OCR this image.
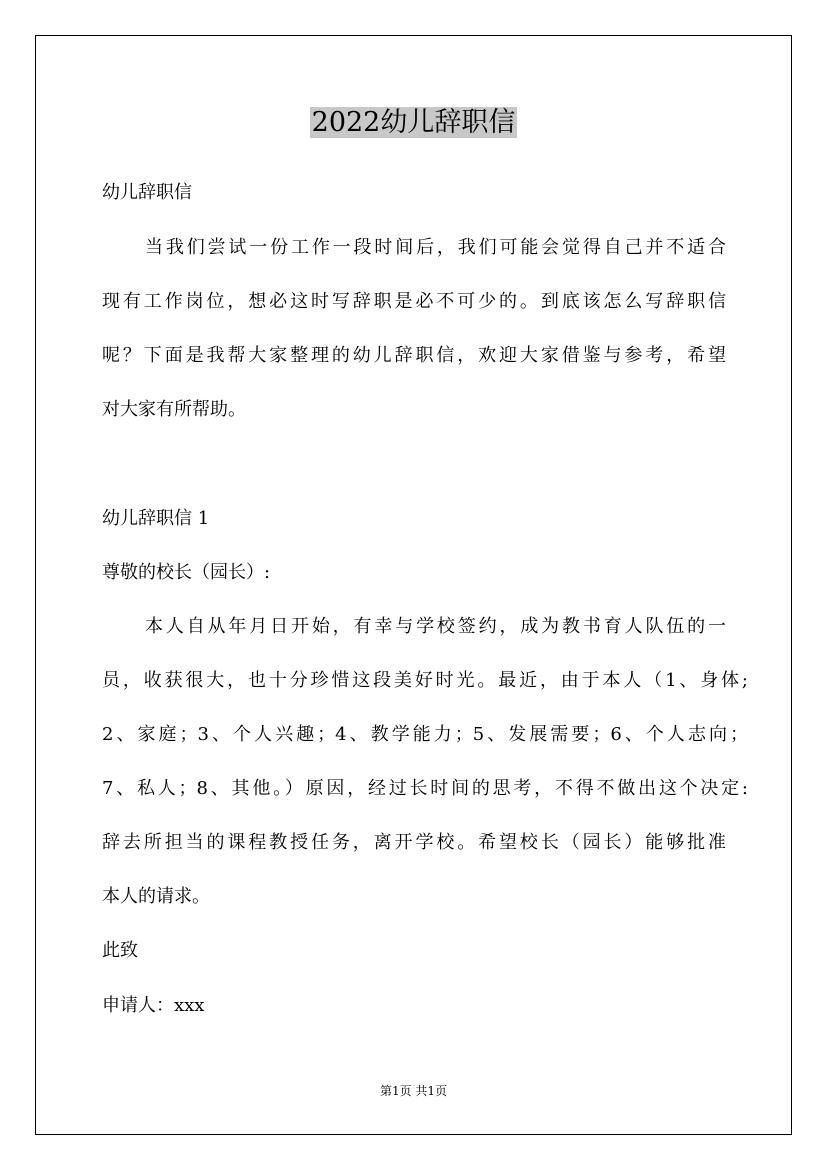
2022幼儿辞职信
幼儿辞职信
当我们尝试一份工作一段时间后，我们可能会觉得自己并不适合
现有工作岗位，想必这时写辞职是必不可少的。到底该怎么写辞职信
呢？下面是我帮大家整理的幼儿辞职信，欢迎大家借鉴与参考，希望
对大家有所帮助。
幼儿辞职信 1
尊敬的校长（园长）:
本人自从年月日开始，有幸与学校签约，成为教书育人队伍的一
员，收获很大，也十分珍惜这段美好时光。最近，由于本人（1、身体;
2、家庭；3、个人兴趣；4、教学能力；5、发展需要；6、个人志向；
7、私人；8、其他。）原因，经过长时间的思考，不得不做出这个决定:
辞去所担当的课程教授任务，离开学校。希望校长（园长）能够批准
本人的请求。
此致
申请人：xxx
第1页 共1页
